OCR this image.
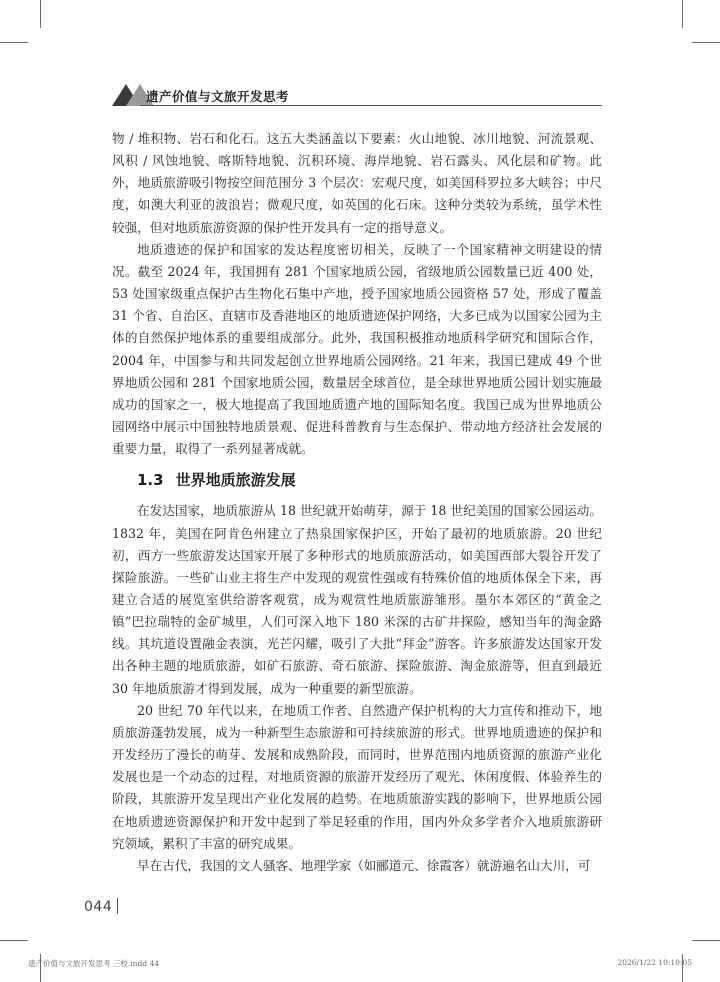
遗产价值与文旅开发思考

物 / 堆积物、岩石和化石。这五大类涵盖以下要素：火山地貌、冰川地貌、河流景观、风积 / 风蚀地貌、喀斯特地貌、沉积环境、海岸地貌、岩石露头、风化层和矿物。此外，地质旅游吸引物按空间范围分 3 个层次：宏观尺度，如美国科罗拉多大峡谷；中尺度，如澳大利亚的波浪岩；微观尺度，如英国的化石床。这种分类较为系统，虽学术性较强，但对地质旅游资源的保护性开发具有一定的指导意义。

地质遗迹的保护和国家的发达程度密切相关，反映了一个国家精神文明建设的情况。截至 2024 年，我国拥有 281 个国家地质公园，省级地质公园数量已近 400 处，53 处国家级重点保护古生物化石集中产地，授予国家地质公园资格 57 处，形成了覆盖 31 个省、自治区、直辖市及香港地区的地质遗迹保护网络，大多已成为以国家公园为主体的自然保护地体系的重要组成部分。此外，我国积极推动地质科学研究和国际合作，2004 年，中国参与和共同发起创立世界地质公园网络。21 年来，我国已建成 49 个世界地质公园和 281 个国家地质公园，数量居全球首位，是全球世界地质公园计划实施最成功的国家之一，极大地提高了我国地质遗产地的国际知名度。我国已成为世界地质公园网络中展示中国独特地质景观、促进科普教育与生态保护、带动地方经济社会发展的重要力量，取得了一系列显著成就。

1.3 世界地质旅游发展

在发达国家，地质旅游从 18 世纪就开始萌芽，源于 18 世纪美国的国家公园运动。1832 年，美国在阿肯色州建立了热泉国家保护区，开始了最初的地质旅游。20 世纪初，西方一些旅游发达国家开展了多种形式的地质旅游活动，如美国西部大裂谷开发了探险旅游。一些矿山业主将生产中发现的观赏性强或有特殊价值的地质体保全下来，再建立合适的展览室供给游客观赏，成为观赏性地质旅游雏形。墨尔本郊区的“黄金之镇”巴拉瑞特的金矿城里，人们可深入地下 180 米深的古矿井探险，感知当年的淘金路线。其坑道设置融金表演，光芒闪耀，吸引了大批“拜金”游客。许多旅游发达国家开发出各种主题的地质旅游，如矿石旅游、奇石旅游、探险旅游、淘金旅游等，但直到最近 30 年地质旅游才得到发展，成为一种重要的新型旅游。

20 世纪 70 年代以来，在地质工作者、自然遗产保护机构的大力宣传和推动下，地质旅游蓬勃发展，成为一种新型生态旅游和可持续旅游的形式。世界地质遗迹的保护和开发经历了漫长的萌芽、发展和成熟阶段，而同时，世界范围内地质资源的旅游产业化发展也是一个动态的过程，对地质资源的旅游开发经历了观光、休闲度假、体验养生的阶段，其旅游开发呈现出产业化发展的趋势。在地质旅游实践的影响下，世界地质公园在地质遗迹资源保护和开发中起到了举足轻重的作用，国内外众多学者介入地质旅游研究领域，累积了丰富的研究成果。

早在古代，我国的文人骚客、地理学家（如郦道元、徐霞客）就游遍名山大川，可

044
遗产价值与文旅开发思考 三校.indd 44	2026/1/22 10:10:05
